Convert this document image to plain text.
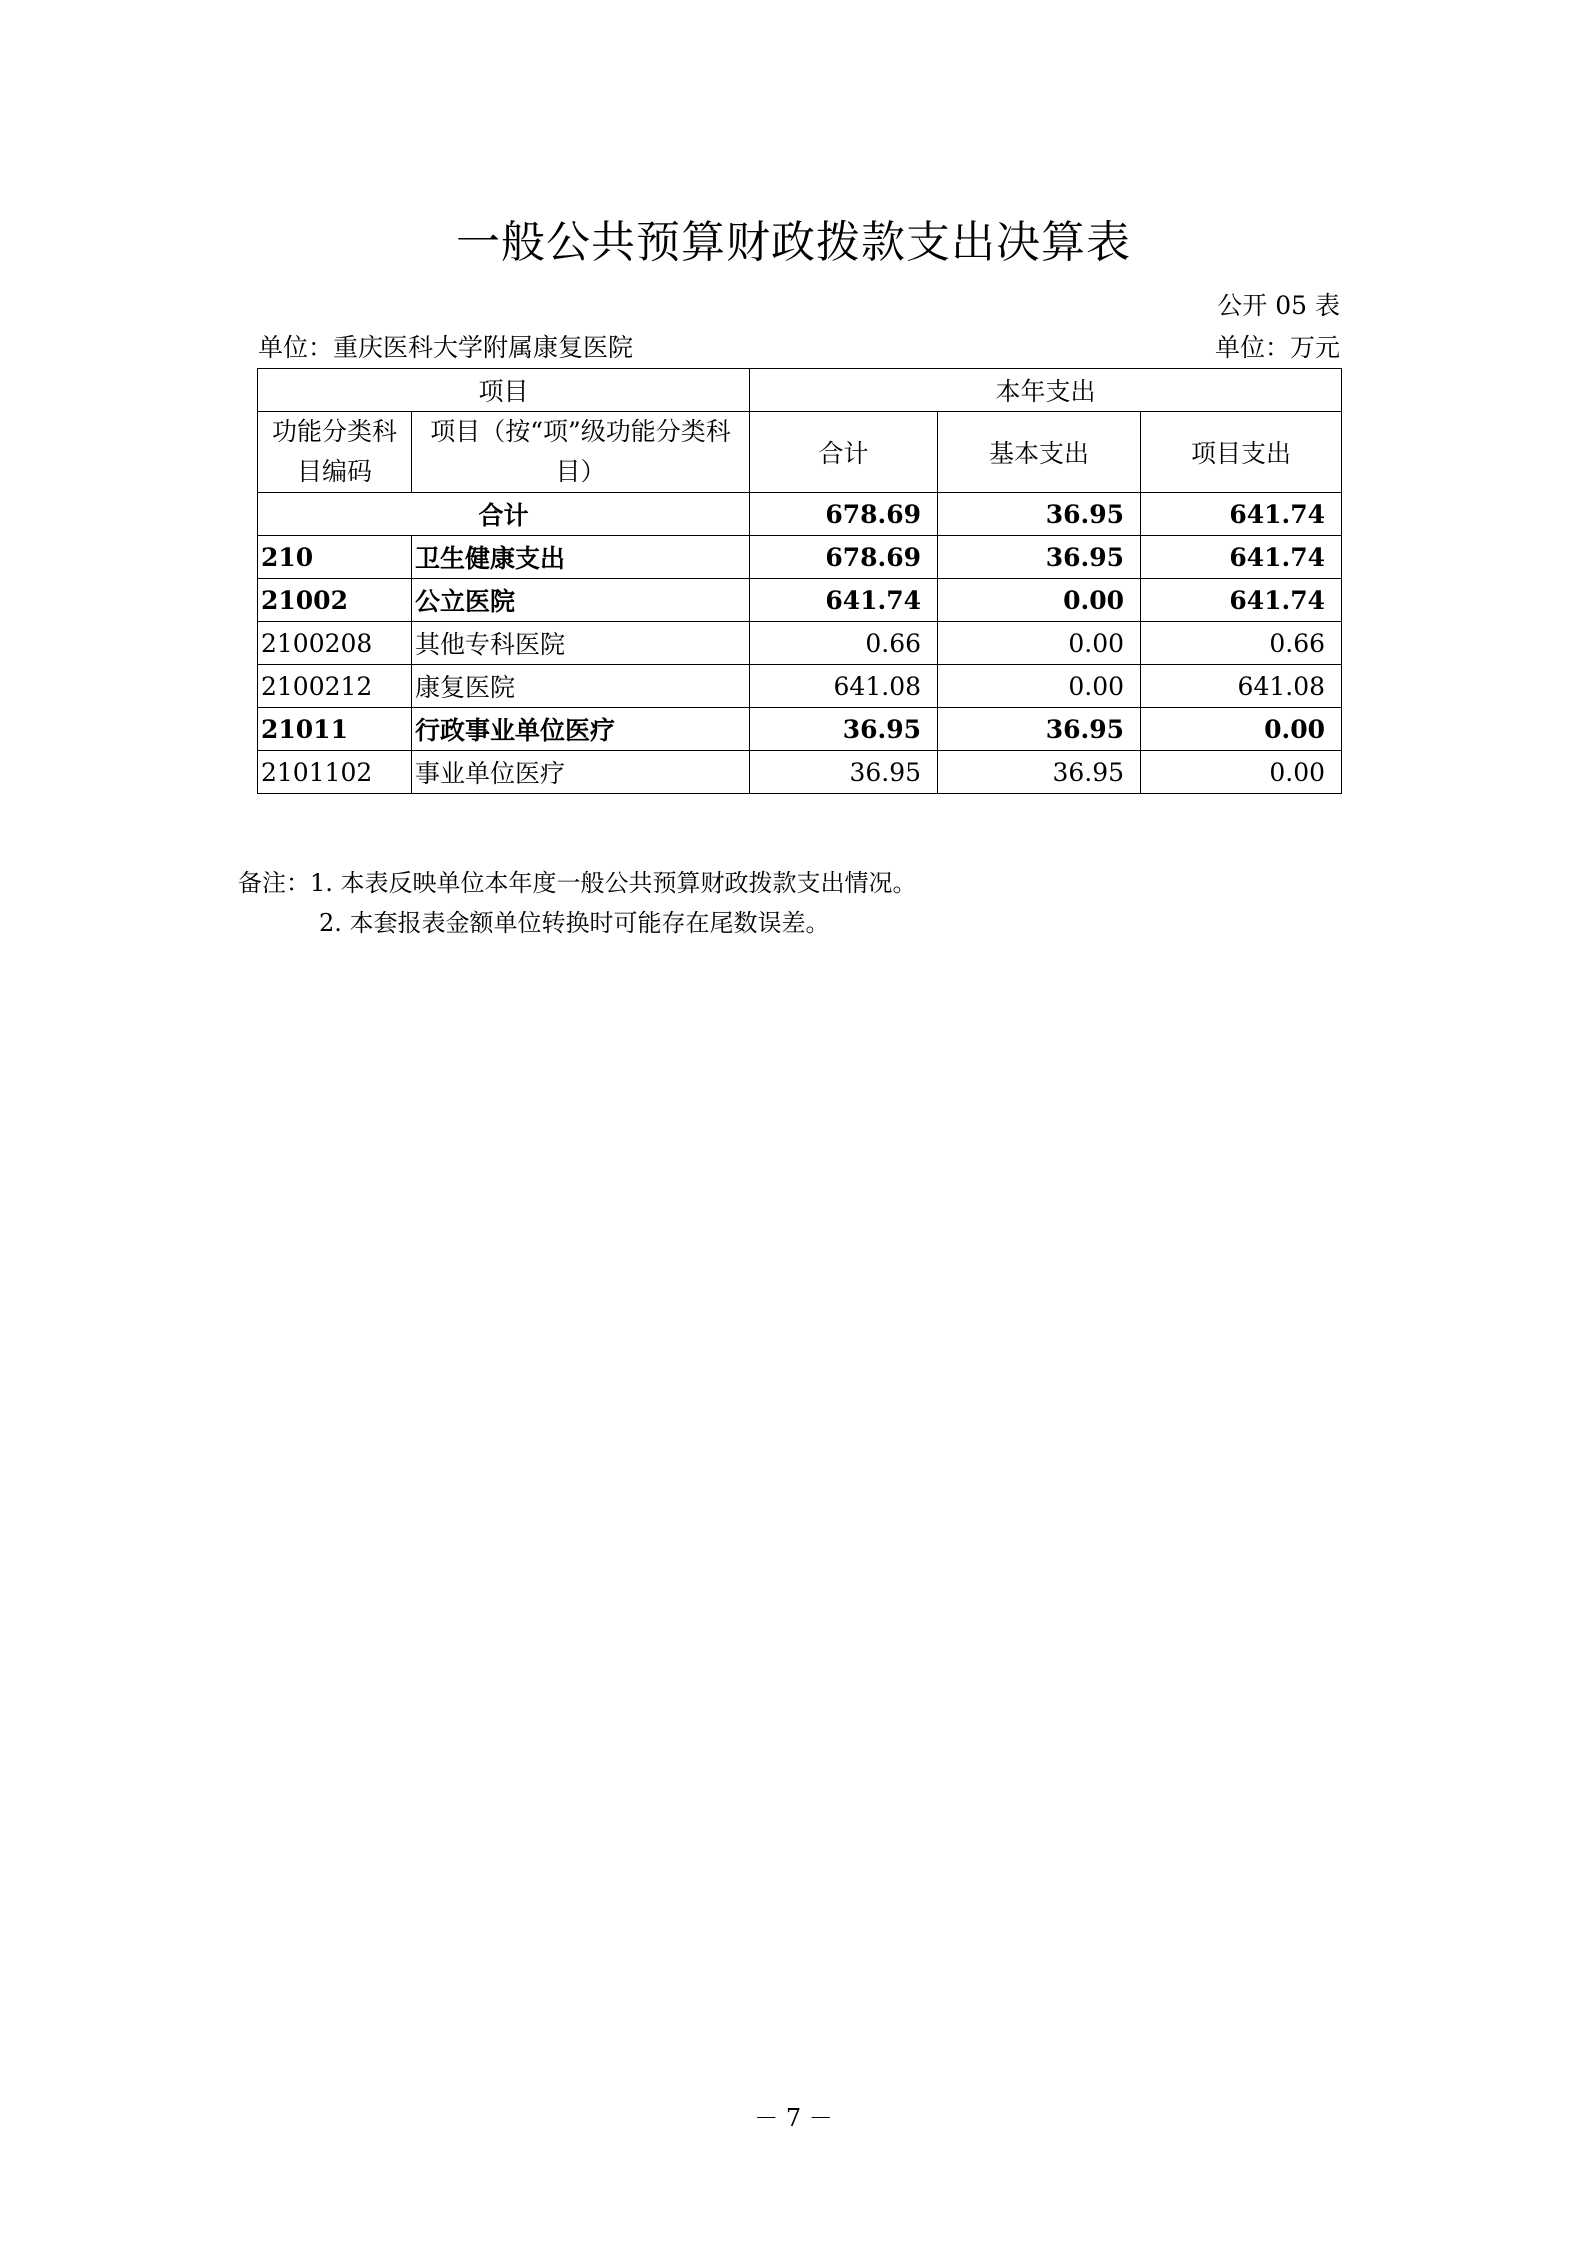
一般公共预算财政拨款支出决算表
公开 05 表
单位：重庆医科大学附属康复医院	单位：万元
项目		本年支出		
功能分类科目编码	项目（按“项”级功能分类科目）	合计	基本支出	项目支出
合计		678.69	36.95	641.74
210	卫生健康支出	678.69	36.95	641.74
21002	公立医院	641.74	0.00	641.74
2100208	其他专科医院	0.66	0.00	0.66
2100212	康复医院	641.08	0.00	641.08
21011	行政事业单位医疗	36.95	36.95	0.00
2101102	事业单位医疗	36.95	36.95	0.00
备注：1. 本表反映单位本年度一般公共预算财政拨款支出情况。
2. 本套报表金额单位转换时可能存在尾数误差。
－ 7 －
